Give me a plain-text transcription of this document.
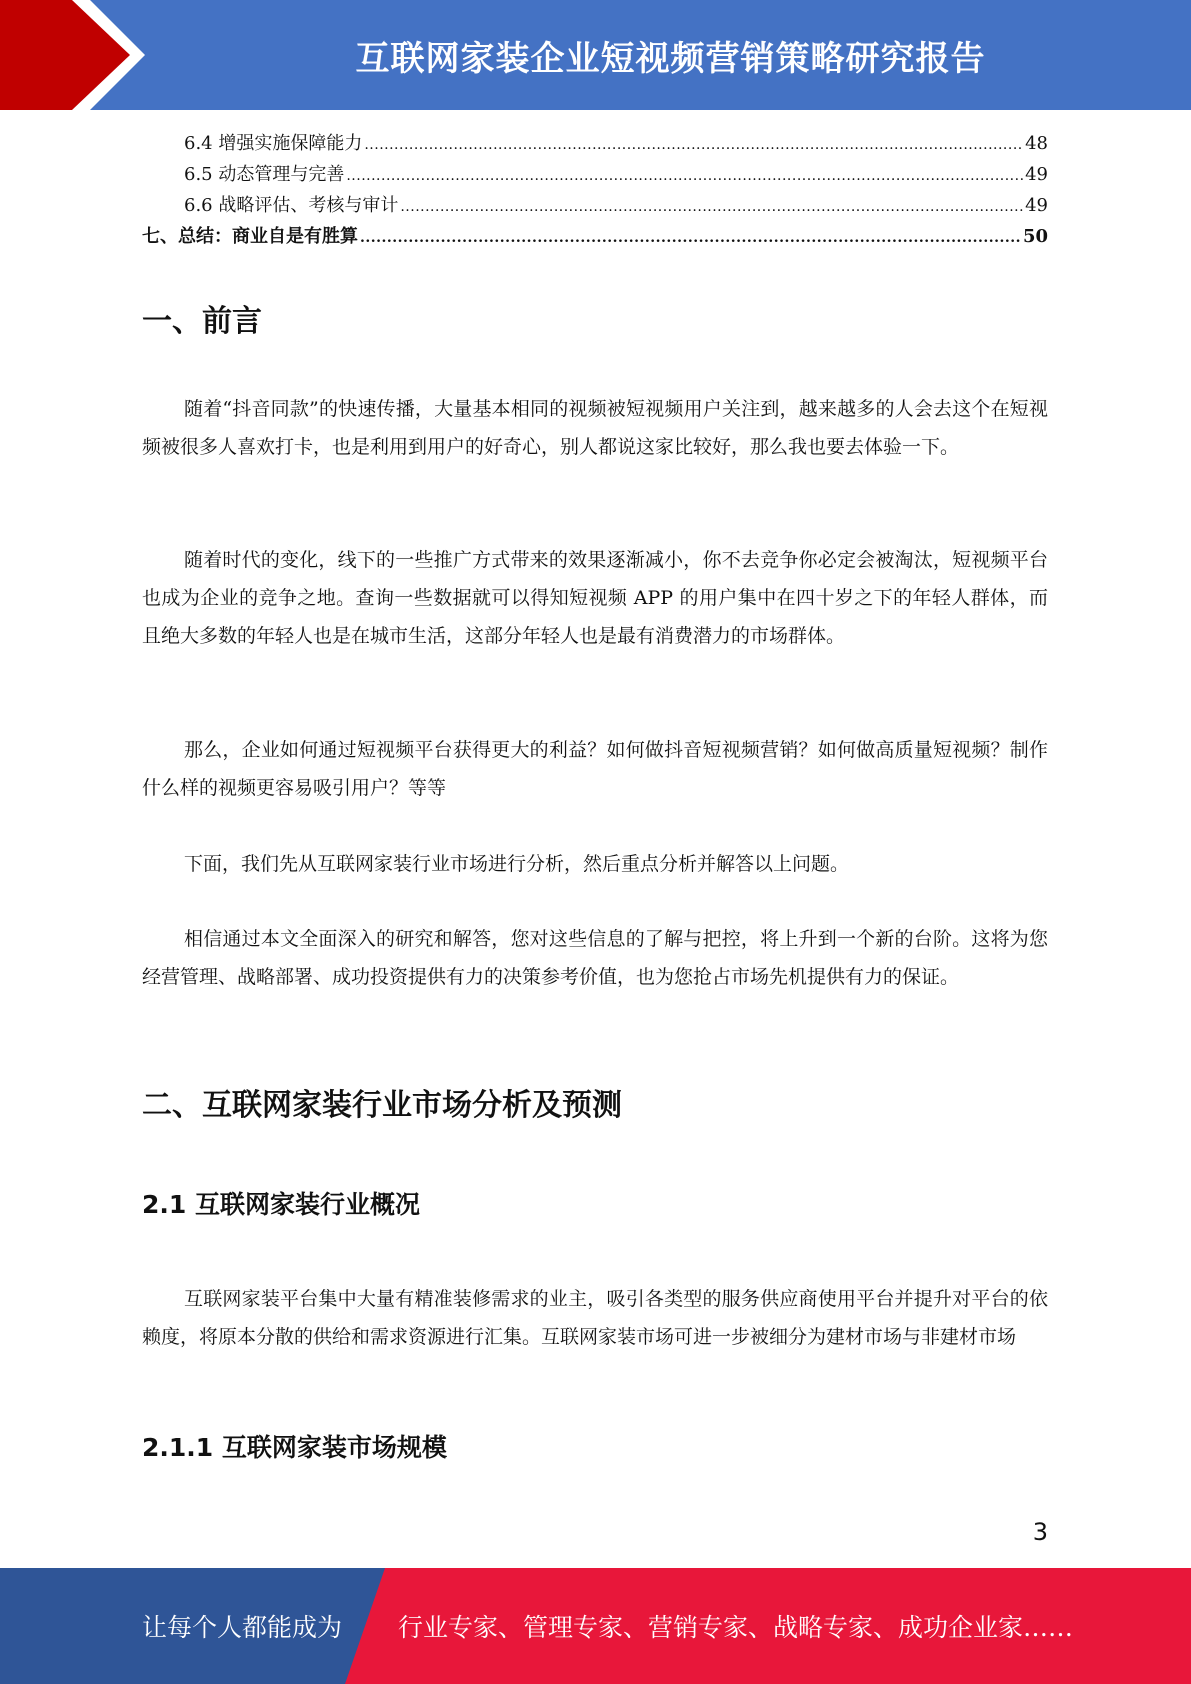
互联网家装企业短视频营销策略研究报告
6.4 增强实施保障能力 .....	48
6.5 动态管理与完善 .....	49
6.6 战略评估、考核与审计 .....	49
七、总结：商业自是有胜算 .....	50
一、前言

随着“抖音同款”的快速传播，大量基本相同的视频被短视频用户关注到，越来越多的人会去这个在短视频被很多人喜欢打卡，也是利用到用户的好奇心，别人都说这家比较好，那么我也要去体验一下。

随着时代的变化，线下的一些推广方式带来的效果逐渐减小，你不去竞争你必定会被淘汰，短视频平台也成为企业的竞争之地。查询一些数据就可以得知短视频 APP 的用户集中在四十岁之下的年轻人群体，而且绝大多数的年轻人也是在城市生活，这部分年轻人也是最有消费潜力的市场群体。

那么，企业如何通过短视频平台获得更大的利益？如何做抖音短视频营销？如何做高质量短视频？制作什么样的视频更容易吸引用户？等等

下面，我们先从互联网家装行业市场进行分析，然后重点分析并解答以上问题。

相信通过本文全面深入的研究和解答，您对这些信息的了解与把控，将上升到一个新的台阶。这将为您经营管理、战略部署、成功投资提供有力的决策参考价值，也为您抢占市场先机提供有力的保证。

二、互联网家装行业市场分析及预测
2.1 互联网家装行业概况

互联网家装平台集中大量有精准装修需求的业主，吸引各类型的服务供应商使用平台并提升对平台的依赖度，将原本分散的供给和需求资源进行汇集。互联网家装市场可进一步被细分为建材市场与非建材市场

2.1.1 互联网家装市场规模
3
让每个人都能成为 行业专家、管理专家、营销专家、战略专家、成功企业家……
